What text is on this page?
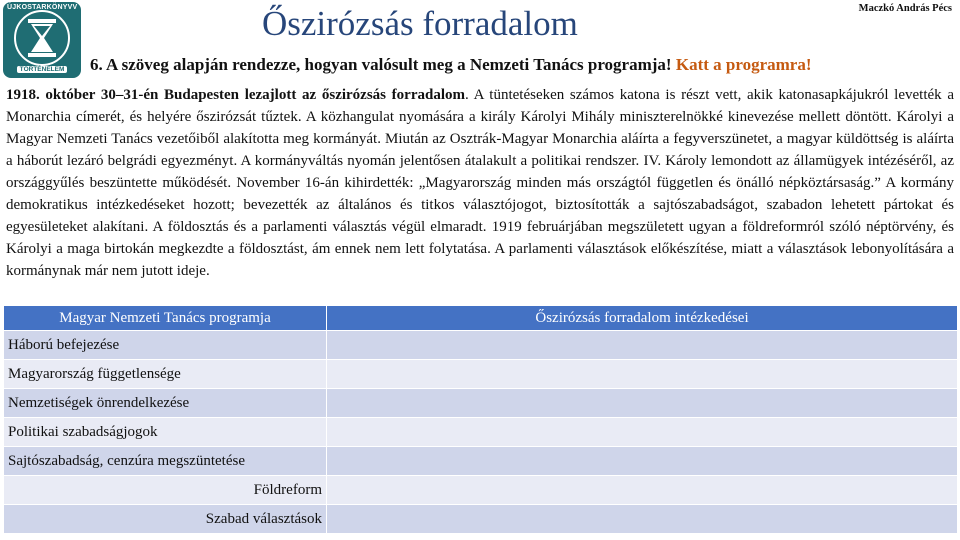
ÚJKOSTARKÖNYVV
TÖRTÉNELEM
Őszirózsás forradalom	Maczkó András Pécs
6. A szöveg alapján rendezze, hogyan valósult meg a Nemzeti Tanács programja! Katt a programra!
1918. október 30–31-én Budapesten lezajlott az őszirózsás forradalom. A tüntetéseken számos katona is részt vett, akik katonasapkájukról levették a Monarchia címerét, és helyére őszirózsát tűztek. A közhangulat nyomására a király Károlyi Mihály miniszterelnökké kinevezése mellett döntött. Károlyi a Magyar Nemzeti Tanács vezetőiből alakította meg kormányát. Miután az Osztrák-Magyar Monarchia aláírta a fegyverszünetet, a magyar küldöttség is aláírta a háborút lezáró belgrádi egyezményt. A kormányváltás nyomán jelentősen átalakult a politikai rendszer. IV. Károly lemondott az államügyek intézéséről, az országgyűlés beszüntette működését. November 16-án kihirdették: „Magyarország minden más országtól független és önálló népköztársaság.” A kormány demokratikus intézkedéseket hozott; bevezették az általános és titkos választójogot, biztosították a sajtószabadságot, szabadon lehetett pártokat és egyesületeket alakítani. A földosztás és a parlamenti választás végül elmaradt. 1919 februárjában megszületett ugyan a földreformról szóló néptörvény, és Károlyi a maga birtokán megkezdte a földosztást, ám ennek nem lett folytatása. A parlamenti választások előkészítése, miatt a választások lebonyolítására a kormánynak már nem jutott ideje.
Magyar Nemzeti Tanács programja	Őszirózsás forradalom intézkedései
Háború befejezése	
Magyarország függetlensége	
Nemzetiségek önrendelkezése	
Politikai szabadságjogok	
Sajtószabadság, cenzúra megszüntetése	
Földreform	
Szabad választások	
